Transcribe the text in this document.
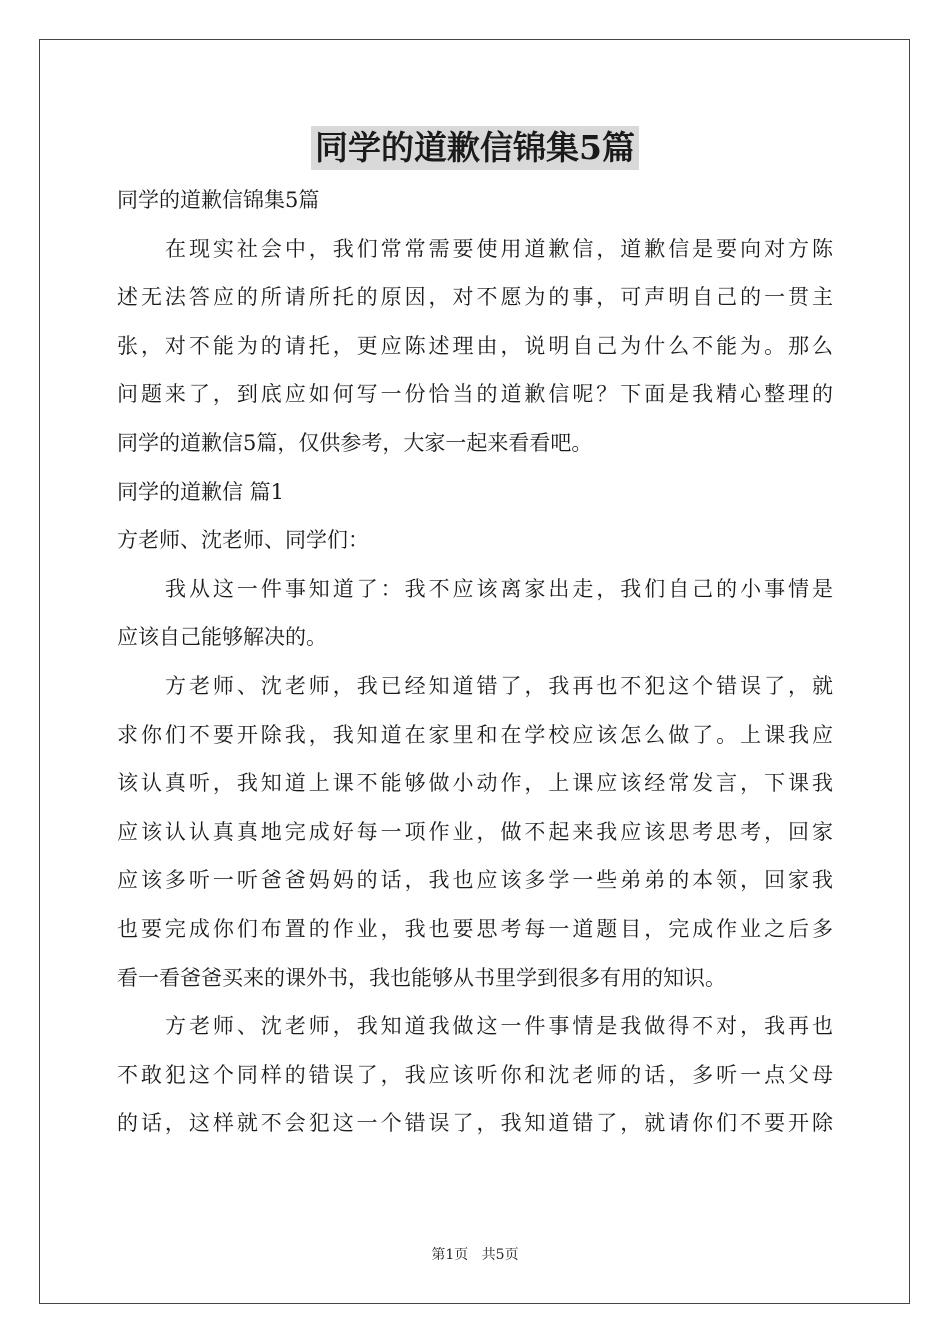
同学的道歉信锦集5篇
同学的道歉信锦集5篇
在现实社会中，我们常常需要使用道歉信，道歉信是要向对方陈
述无法答应的所请所托的原因，对不愿为的事，可声明自己的一贯主
张，对不能为的请托，更应陈述理由，说明自己为什么不能为。那么
问题来了，到底应如何写一份恰当的道歉信呢？下面是我精心整理的
同学的道歉信5篇，仅供参考，大家一起来看看吧。
同学的道歉信 篇1
方老师、沈老师、同学们：
我从这一件事知道了：我不应该离家出走，我们自己的小事情是
应该自己能够解决的。
方老师、沈老师，我已经知道错了，我再也不犯这个错误了，就
求你们不要开除我，我知道在家里和在学校应该怎么做了。上课我应
该认真听，我知道上课不能够做小动作，上课应该经常发言，下课我
应该认认真真地完成好每一项作业，做不起来我应该思考思考，回家
应该多听一听爸爸妈妈的话，我也应该多学一些弟弟的本领，回家我
也要完成你们布置的作业，我也要思考每一道题目，完成作业之后多
看一看爸爸买来的课外书，我也能够从书里学到很多有用的知识。
方老师、沈老师，我知道我做这一件事情是我做得不对，我再也
不敢犯这个同样的错误了，我应该听你和沈老师的话，多听一点父母
的话，这样就不会犯这一个错误了，我知道错了，就请你们不要开除
第1页 共5页
